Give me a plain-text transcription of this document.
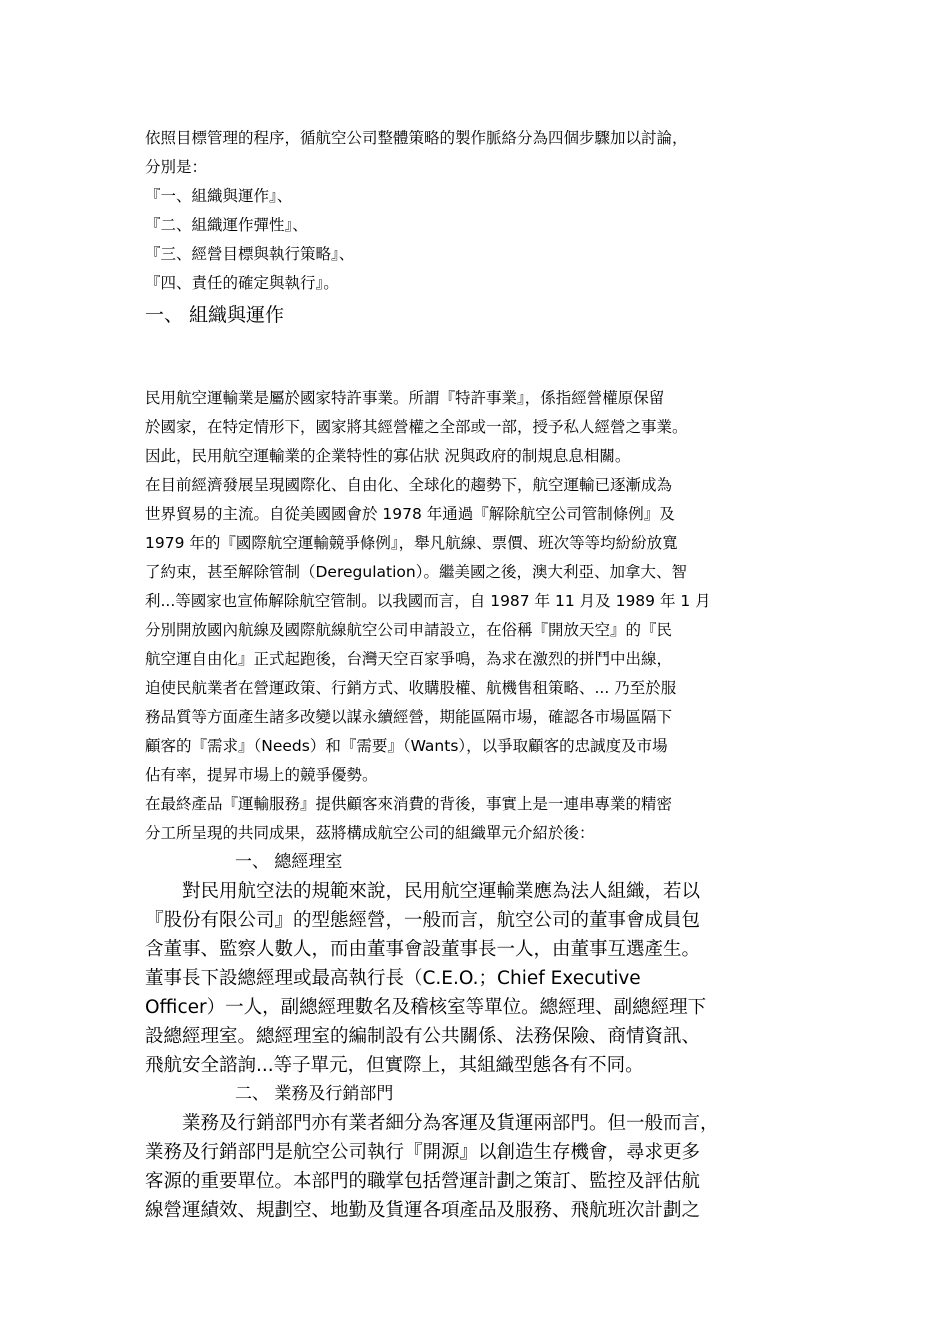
依照目標管理的程序，循航空公司整體策略的製作脈絡分為四個步驟加以討論，

分別是：

『一、組織與運作』、

『二、組織運作彈性』、

『三、經營目標與執行策略』、

『四、責任的確定與執行』。

一、 組織與運作

民用航空運輸業是屬於國家特許事業。所謂『特許事業』，係指經營權原保留

於國家，在特定情形下，國家將其經營權之全部或一部，授予私人經營之事業。

因此，民用航空運輸業的企業特性的寡佔狀 況與政府的制規息息相關。

在目前經濟發展呈現國際化、自由化、全球化的趨勢下，航空運輸已逐漸成為

世界貿易的主流。自從美國國會於 1978 年通過『解除航空公司管制條例』及

1979 年的『國際航空運輸競爭條例』，舉凡航線、票價、班次等等均紛紛放寬

了約束，甚至解除管制（Deregulation）。繼美國之後，澳大利亞、加拿大、智

利...等國家也宣佈解除航空管制。以我國而言，自 1987 年 11 月及 1989 年 1 月

分別開放國內航線及國際航線航空公司申請設立，在俗稱『開放天空』的『民

航空運自由化』正式起跑後，台灣天空百家爭鳴，為求在激烈的拼鬥中出線，

迫使民航業者在營運政策、行銷方式、收購股權、航機售租策略、... 乃至於服

務品質等方面產生諸多改變以謀永續經營，期能區隔市場，確認各市場區隔下

顧客的『需求』（Needs）和『需要』（Wants），以爭取顧客的忠誠度及市場

佔有率，提昇市場上的競爭優勢。

在最終產品『運輸服務』提供顧客來消費的背後，事實上是一連串專業的精密

分工所呈現的共同成果，茲將構成航空公司的組織單元介紹於後：

一、 總經理室

對民用航空法的規範來說，民用航空運輸業應為法人組織，若以

『股份有限公司』的型態經營，一般而言，航空公司的董事會成員包

含董事、監察人數人，而由董事會設董事長一人，由董事互選產生。

董事長下設總經理或最高執行長（C.E.O.；Chief Executive

Officer）一人，副總經理數名及稽核室等單位。總經理、副總經理下

設總經理室。總經理室的編制設有公共關係、法務保險、商情資訊、

飛航安全諮詢...等子單元，但實際上，其組織型態各有不同。

二、 業務及行銷部門

業務及行銷部門亦有業者細分為客運及貨運兩部門。但一般而言，

業務及行銷部門是航空公司執行『開源』以創造生存機會，尋求更多

客源的重要單位。本部門的職掌包括營運計劃之策訂、監控及評估航

線營運績效、規劃空、地勤及貨運各項產品及服務、飛航班次計劃之
